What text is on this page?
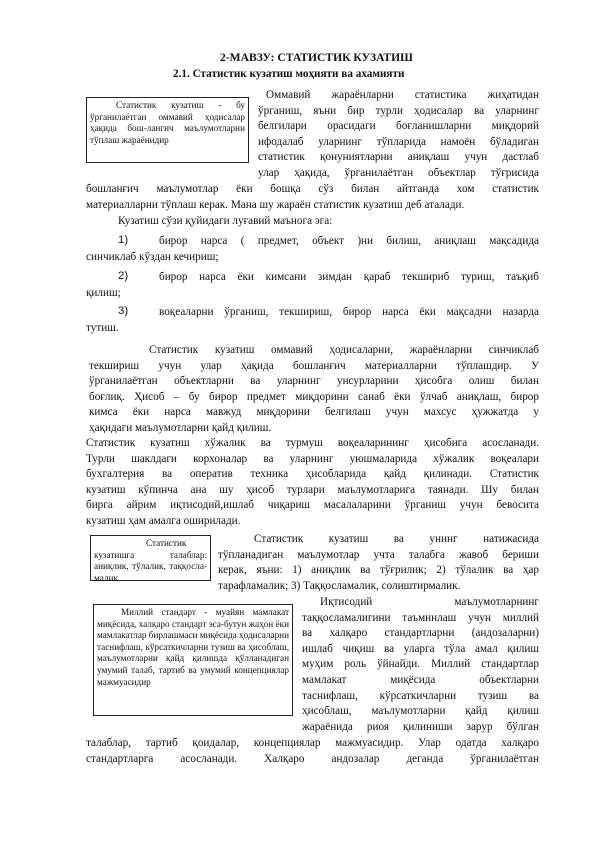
2-МАВЗУ: СТАТИСТИК КУЗАТИШ
2.1. Статистик кузатиш моҳияти ва ахамияти
Статистик кузатиш - бу ўрганилаётган оммавий ҳодисалар ҳақида бош-лангич маълумотларни тўплаш жараёнидир
Оммавий жараёнларни статистика жиҳатидан
ўрганиш, яъни бир турли ҳодисалар ва уларнинг
белгилари орасидаги боғланишларни миқдорий
ифодалаб уларнинг тўпларида намоён бўладиган
статистик қонуниятларни аниқлаш учун дастлаб
улар ҳақида, ўрганилаётган объектлар тўғрисида
бошланғич маълумотлар ёки бошқа сўз билан айтганда хом статистик
материалларни тўплаш керак. Мана шу жараён статистик кузатиш деб аталади.
Кузатиш сўзи қуйидаги луғавий маънога эга:
1)	бирор нарса ( предмет, объект )ни билиш, аниқлаш мақсадида
синчиклаб кўздан кечириш;
2)	бирор нарса ёки кимсани зимдан қараб текшириб туриш, таъқиб
қилиш;
3)	воқеаларни ўрганиш, текшириш, бирор нарса ёки мақсадни назарда
тутиш.
Статистик кузатиш оммавий ҳодисаларни, жараёнларни синчиклаб
текшириш учун улар ҳақида бошланғич материалларни тўплашдир. У
ўрганилаётган объектларни ва уларнинг унсурларини ҳисобга олиш билан
боғлиқ. Ҳисоб – бу бирор предмет миқдорини санаб ёки ўлчаб аниқлаш, бирор
кимса ёки нарса мавжуд миқдорини белгилаш учун махсус ҳужжатда у
ҳақидаги маълумотларни қайд қилиш.
Статистик кузатиш хўжалик ва турмуш воқеаларининг ҳисобига асосланади.
Турли шаклдаги корхоналар ва уларнинг уюшмаларида хўжалик воқеалари
бухгалтерия ва оператив техника ҳисобларида қайд қилинади. Статистик
кузатиш кўпинча ана шу ҳисоб турлари маълумотларига таянади. Шу билан
бирга айрим иқтисодий,ишлаб чиқариш масалаларини ўрганиш учун бевосита
кузатиш ҳам амалга оширилади.
Статистик кузатишга талаблар: аниқлик, тўлалик, таққосла-малик
Статистик кузатиш ва унинг натижасида
тўпланадиган маълумотлар учта талабга жавоб бериши
керак, яъни: 1) аниқлик ва тўғрилик; 2) тўлалик ва ҳар
тарафламалик; 3) Таққосламалик, солиштирмалик.
Миллий стандарт - муайян мамлакат миқёсида, халқаро стандарт эса-бутун жаҳон ёки мамлакатлар бирлашмаси миқёсида ҳодисаларни таснифлаш, кўрсаткичларни тузиш ва ҳисоблаш, маълумотларни қайд қилишда қўлланадиган умумий талаб, тартиб ва умумий концепциялар мажмуасидир
Иқтисодий маълумотларнинг
таққосламалигини таъминлаш учун миллий
ва халқаро стандартларни (андозаларни)
ишлаб чиқиш ва уларга тўла амал қилиш
муҳим роль ўйнайди. Миллий стандартлар
мамлакат миқёсида объектларни
таснифлаш, кўрсаткичларни тузиш ва
ҳисоблаш, маълумотларни қайд қилиш
жараёнида риоя қилиниши зарур бўлган
талаблар, тартиб қоидалар, концепциялар мажмуасидир. Улар одатда халқаро
стандартларга асосланади. Халқаро андозалар деганда ўрганилаётган
